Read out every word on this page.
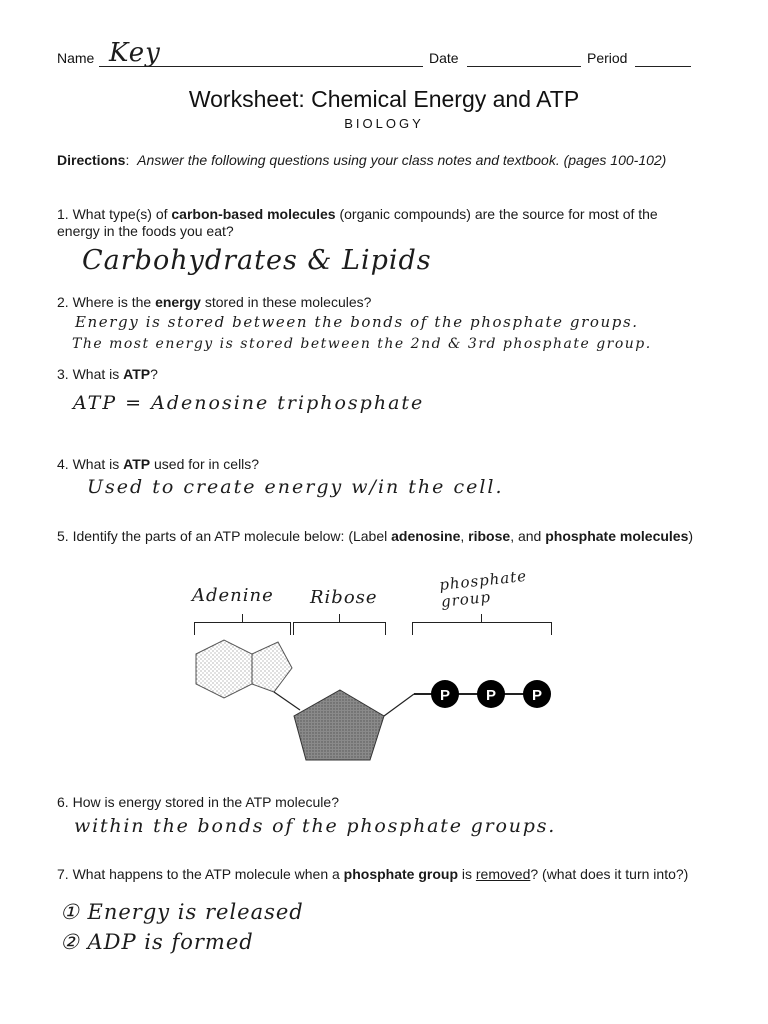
Name Key	Date	Period
Worksheet: Chemical Energy and ATP
BIOLOGY
Directions:  Answer the following questions using your class notes and textbook. (pages 100-102)
1. What type(s) of carbon-based molecules (organic compounds) are the source for most of the energy in the foods you eat?
Carbohydrates & Lipids
2. Where is the energy stored in these molecules?
Energy is stored between the bonds of the phosphate groups.
The most energy is stored between the 2nd & 3rd phosphate group.
3. What is ATP?
ATP = Adenosine triphosphate
4. What is ATP used for in cells?
Used to create energy w/in the cell.
5. Identify the parts of an ATP molecule below: (Label adenosine, ribose, and phosphate molecules)
Adenine Ribose
phosphate group
P P P
6. How is energy stored in the ATP molecule?
within the bonds of the phosphate groups.
7. What happens to the ATP molecule when a phosphate group is removed? (what does it turn into?)
① Energy is released
② ADP is formed
